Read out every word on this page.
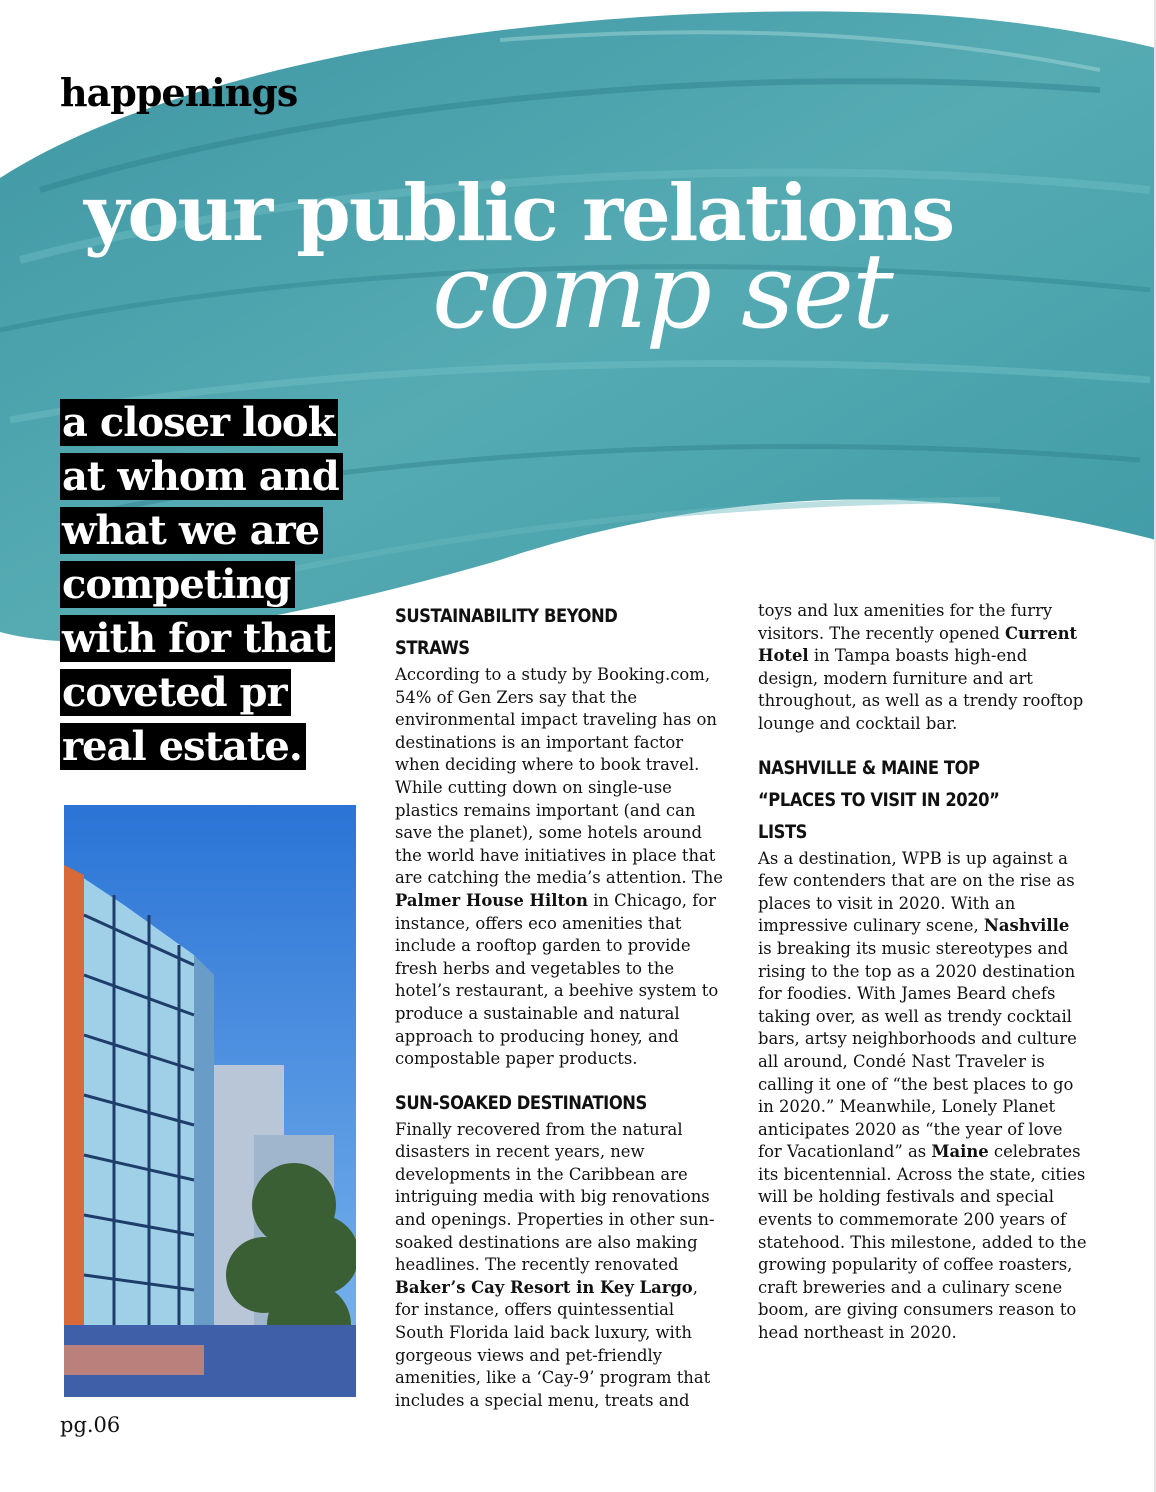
happenings
your public relations
comp set
a closer look at whom and what we are competing with for that coveted pr real estate.
SUSTAINABILITY BEYOND STRAWS

According to a study by Booking.com, 54% of Gen Zers say that the environmental impact traveling has on destinations is an important factor when deciding where to book travel. While cutting down on single-use plastics remains important (and can save the planet), some hotels around the world have initiatives in place that are catching the media’s attention. The Palmer House Hilton in Chicago, for instance, offers eco amenities that include a rooftop garden to provide fresh herbs and vegetables to the hotel’s restaurant, a beehive system to produce a sustainable and natural approach to producing honey, and compostable paper products.

SUN-SOAKED DESTINATIONS

Finally recovered from the natural disasters in recent years, new developments in the Caribbean are intriguing media with big renovations and openings. Properties in other sun-soaked destinations are also making headlines. The recently renovated Baker’s Cay Resort in Key Largo, for instance, offers quintessential South Florida laid back luxury, with gorgeous views and pet-friendly amenities, like a ‘Cay-9’ program that includes a special menu, treats and

toys and lux amenities for the furry visitors. The recently opened Current Hotel in Tampa boasts high-end design, modern furniture and art throughout, as well as a trendy rooftop lounge and cocktail bar.

NASHVILLE & MAINE TOP “PLACES TO VISIT IN 2020” LISTS

As a destination, WPB is up against a few contenders that are on the rise as places to visit in 2020. With an impressive culinary scene, Nashville is breaking its music stereotypes and rising to the top as a 2020 destination for foodies. With James Beard chefs taking over, as well as trendy cocktail bars, artsy neighborhoods and culture all around, Condé Nast Traveler is calling it one of “the best places to go in 2020.” Meanwhile, Lonely Planet anticipates 2020 as “the year of love for Vacationland” as Maine celebrates its bicentennial. Across the state, cities will be holding festivals and special events to commemorate 200 years of statehood. This milestone, added to the growing popularity of coffee roasters, craft breweries and a culinary scene boom, are giving consumers reason to head northeast in 2020.

pg.06
